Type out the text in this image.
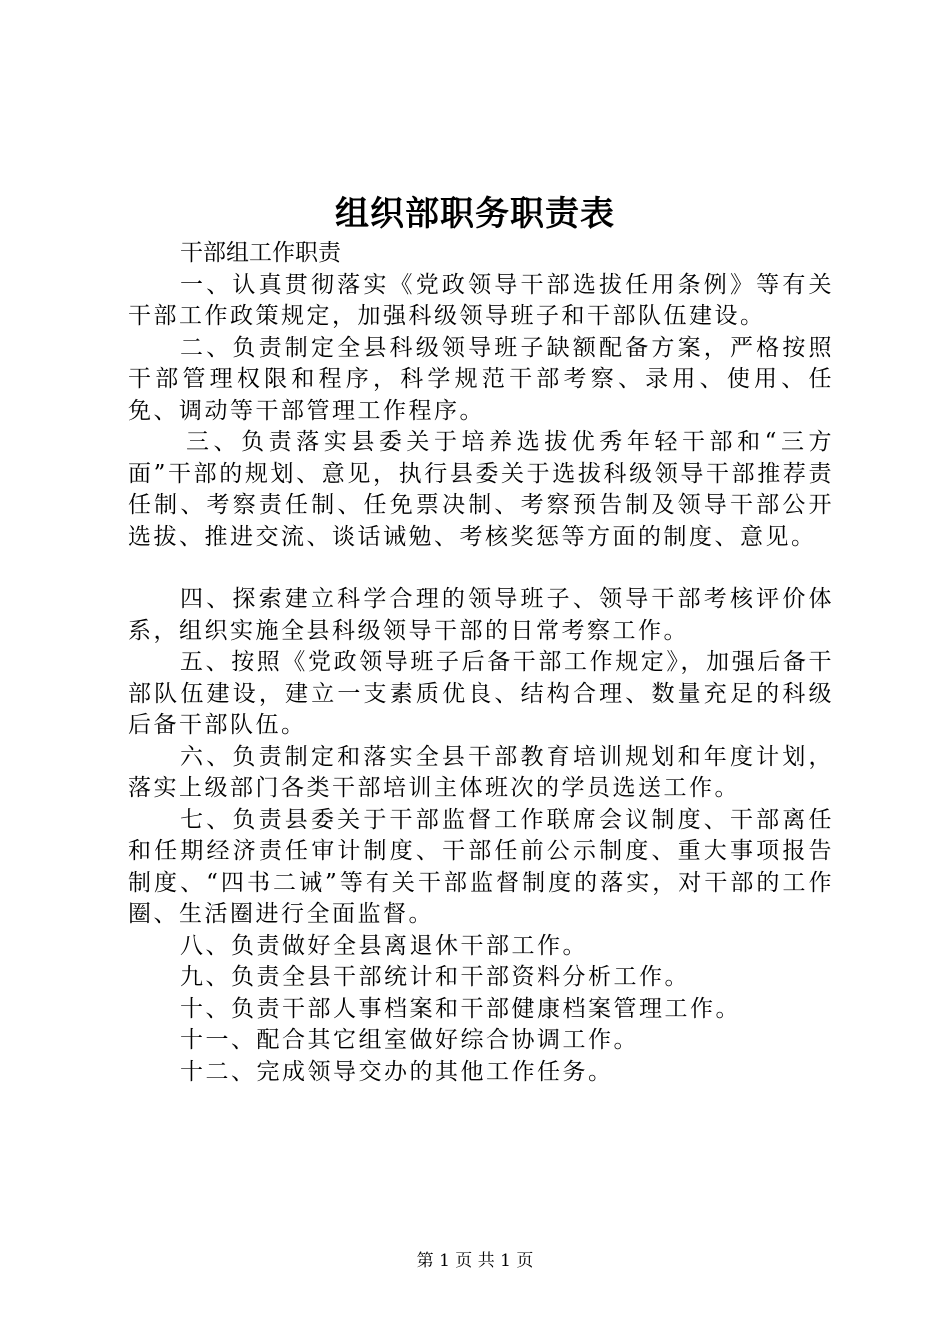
组织部职务职责表

干部组工作职责

一、认真贯彻落实《党政领导干部选拔任用条例》等有关干部工作政策规定，加强科级领导班子和干部队伍建设。

二、负责制定全县科级领导班子缺额配备方案，严格按照干部管理权限和程序，科学规范干部考察、录用、使用、任免、调动等干部管理工作程序。

三、负责落实县委关于培养选拔优秀年轻干部和“三方面”干部的规划、意见，执行县委关于选拔科级领导干部推荐责任制、考察责任制、任免票决制、考察预告制及领导干部公开选拔、推进交流、谈话诫勉、考核奖惩等方面的制度、意见。

四、探索建立科学合理的领导班子、领导干部考核评价体系，组织实施全县科级领导干部的日常考察工作。

五、按照《党政领导班子后备干部工作规定》，加强后备干部队伍建设，建立一支素质优良、结构合理、数量充足的科级后备干部队伍。

六、负责制定和落实全县干部教育培训规划和年度计划，落实上级部门各类干部培训主体班次的学员选送工作。

七、负责县委关于干部监督工作联席会议制度、干部离任和任期经济责任审计制度、干部任前公示制度、重大事项报告制度、“四书二诫”等有关干部监督制度的落实，对干部的工作圈、生活圈进行全面监督。

八、负责做好全县离退休干部工作。

九、负责全县干部统计和干部资料分析工作。

十、负责干部人事档案和干部健康档案管理工作。

十一、配合其它组室做好综合协调工作。

十二、完成领导交办的其他工作任务。

第 1 页 共 1 页
